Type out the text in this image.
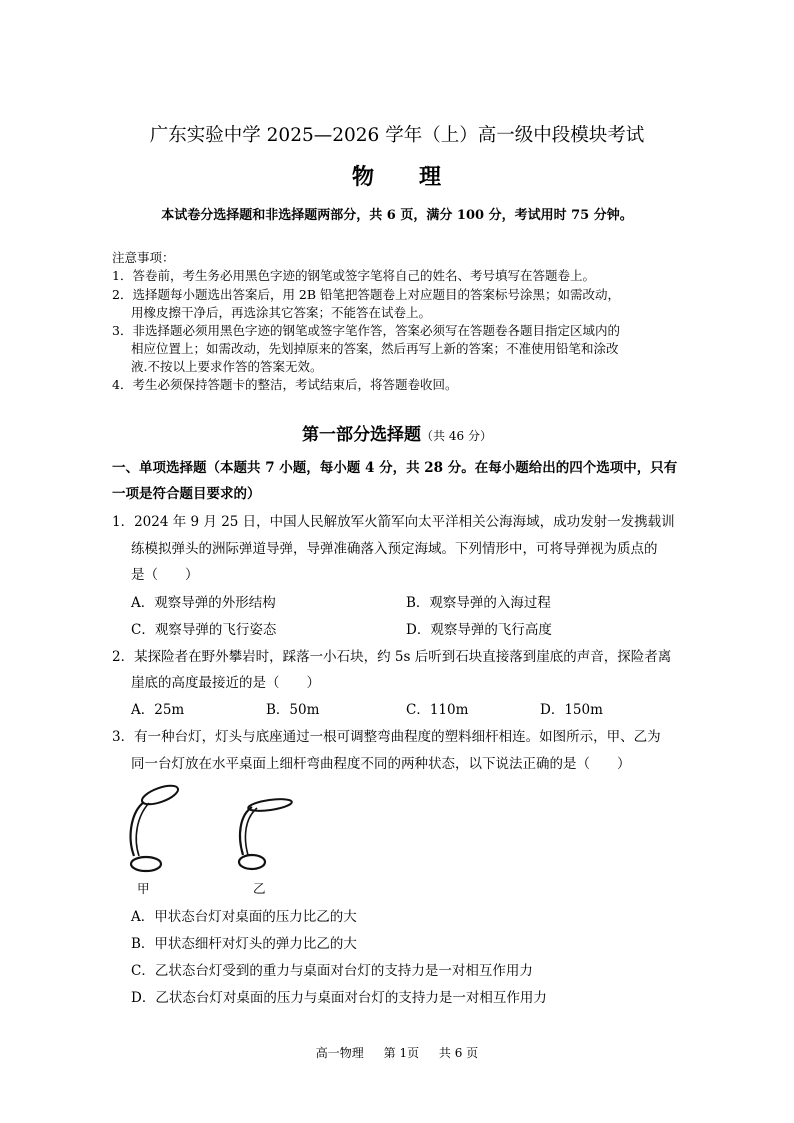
广东实验中学 2025—2026 学年（上）高一级中段模块考试
物 理
本试卷分选择题和非选择题两部分，共 6 页，满分 100 分，考试用时 75 分钟。
注意事项：
1．答卷前，考生务必用黑色字迹的钢笔或签字笔将自己的姓名、考号填写在答题卷上。
2．选择题每小题选出答案后，用 2B 铅笔把答题卷上对应题目的答案标号涂黑；如需改动，
用橡皮擦干净后，再选涂其它答案；不能答在试卷上。
3．非选择题必须用黑色字迹的钢笔或签字笔作答，答案必须写在答题卷各题目指定区域内的
相应位置上；如需改动，先划掉原来的答案，然后再写上新的答案；不准使用铅笔和涂改
液.不按以上要求作答的答案无效。
4．考生必须保持答题卡的整洁，考试结束后，将答题卷收回。
第一部分选择题（共 46 分）
一、单项选择题（本题共 7 小题，每小题 4 分，共 28 分。在每小题给出的四个选项中，只有
一项是符合题目要求的）
1．2024 年 9 月 25 日，中国人民解放军火箭军向太平洋相关公海海域，成功发射一发携载训
练模拟弹头的洲际弹道导弹，导弹准确落入预定海域。下列情形中，可将导弹视为质点的
是（　　）
A．观察导弹的外形结构	B．观察导弹的入海过程
C．观察导弹的飞行姿态	D．观察导弹的飞行高度
2．某探险者在野外攀岩时，踩落一小石块，约 5s 后听到石块直接落到崖底的声音，探险者离
崖底的高度最接近的是（　　）
A．25m	B．50m	C．110m	D．150m
3．有一种台灯，灯头与底座通过一根可调整弯曲程度的塑料细杆相连。如图所示，甲、乙为
同一台灯放在水平桌面上细杆弯曲程度不同的两种状态，以下说法正确的是（　　）
甲	乙
A．甲状态台灯对桌面的压力比乙的大
B．甲状态细杆对灯头的弹力比乙的大
C．乙状态台灯受到的重力与桌面对台灯的支持力是一对相互作用力
D．乙状态台灯对桌面的压力与桌面对台灯的支持力是一对相互作用力
高一物理 第 1页 共 6 页
